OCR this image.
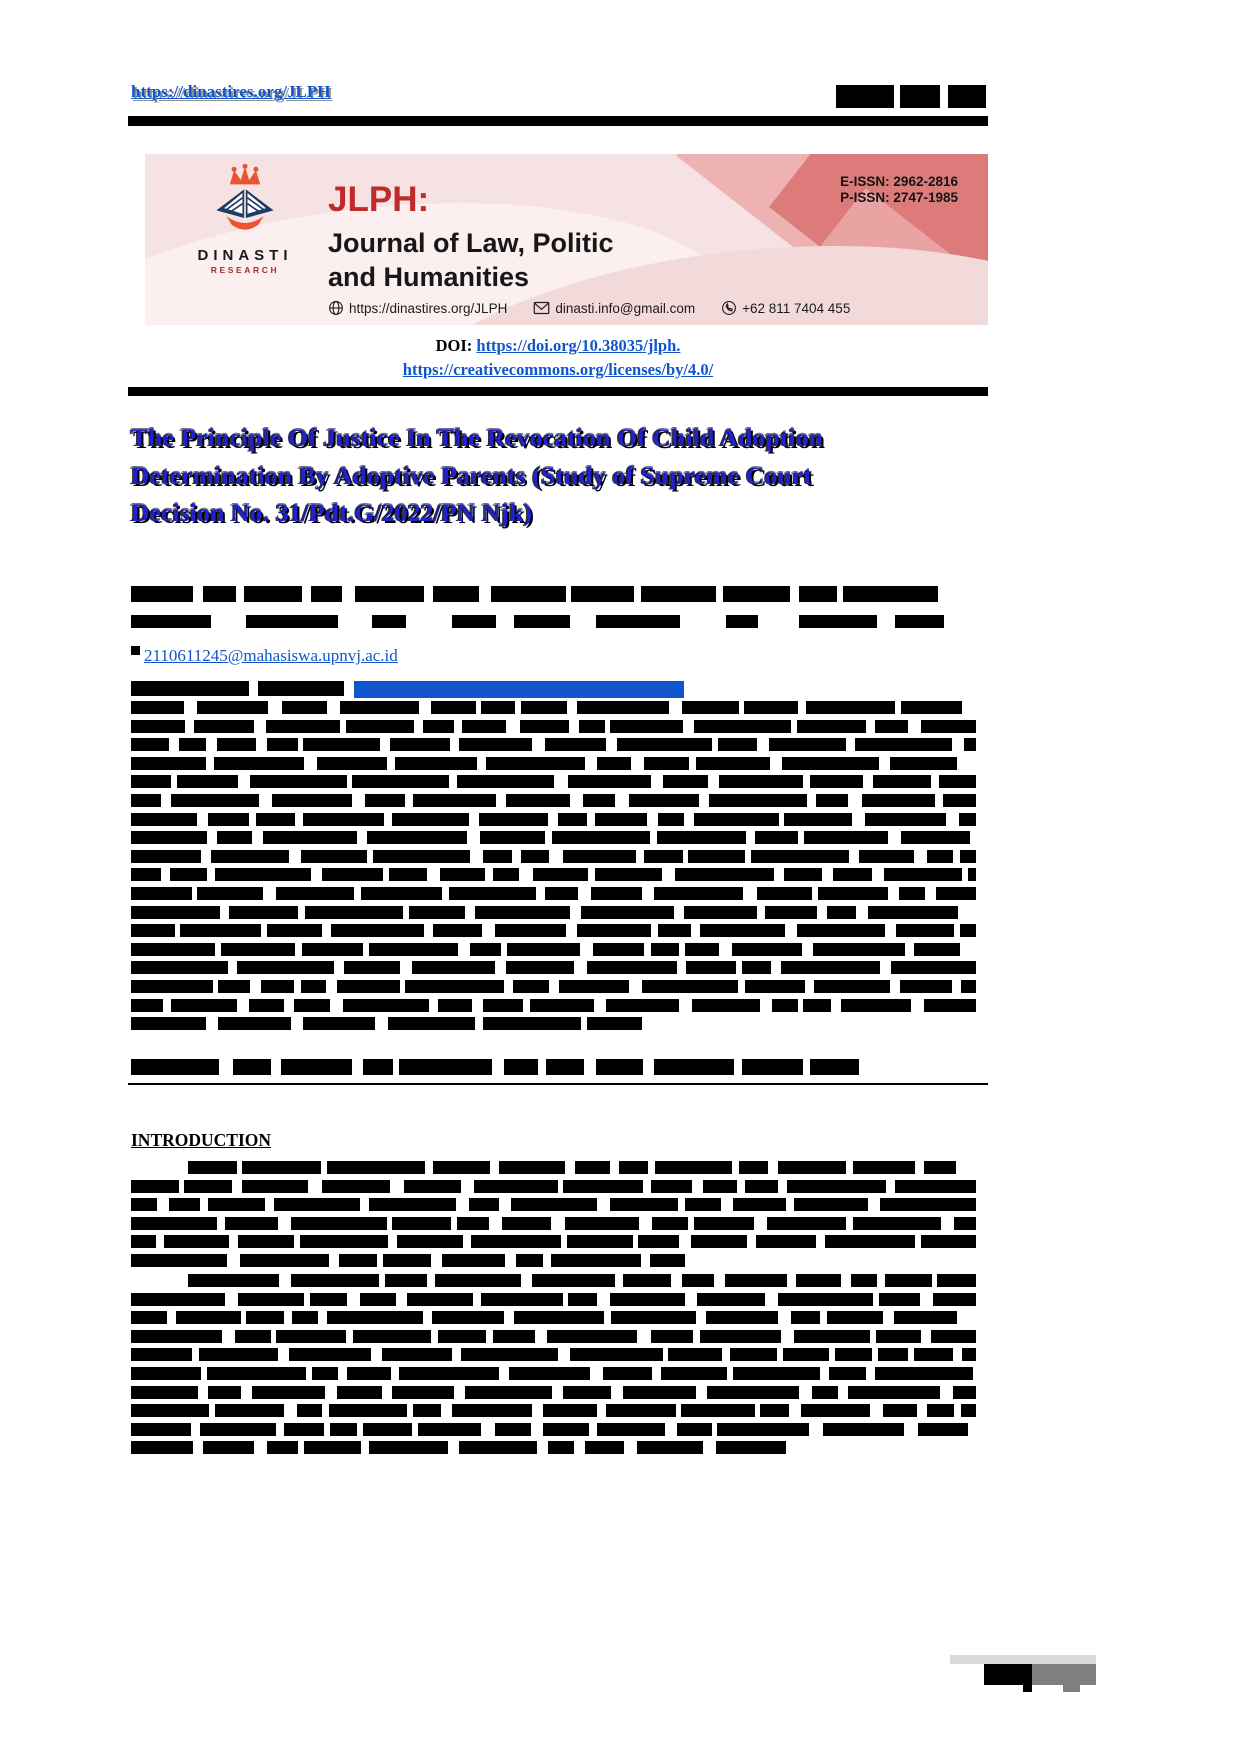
https://dinastires.org/JLPH
E-ISSN: 2962-2816
P-ISSN: 2747-1985
DINASTI
RESEARCH
JLPH:
Journal of Law, Politic
and Humanities
https://dinastires.org/JLPH	dinasti.info@gmail.com	+62 811 7404 455
DOI: https://doi.org/10.38035/jlph.
https://creativecommons.org/licenses/by/4.0/
The Principle Of Justice In The Revocation Of Child Adoption
Determination By Adoptive Parents (Study of Supreme Court
Decision No. 31/Pdt.G/2022/PN Njk)
2110611245@mahasiswa.upnvj.ac.id
INTRODUCTION
